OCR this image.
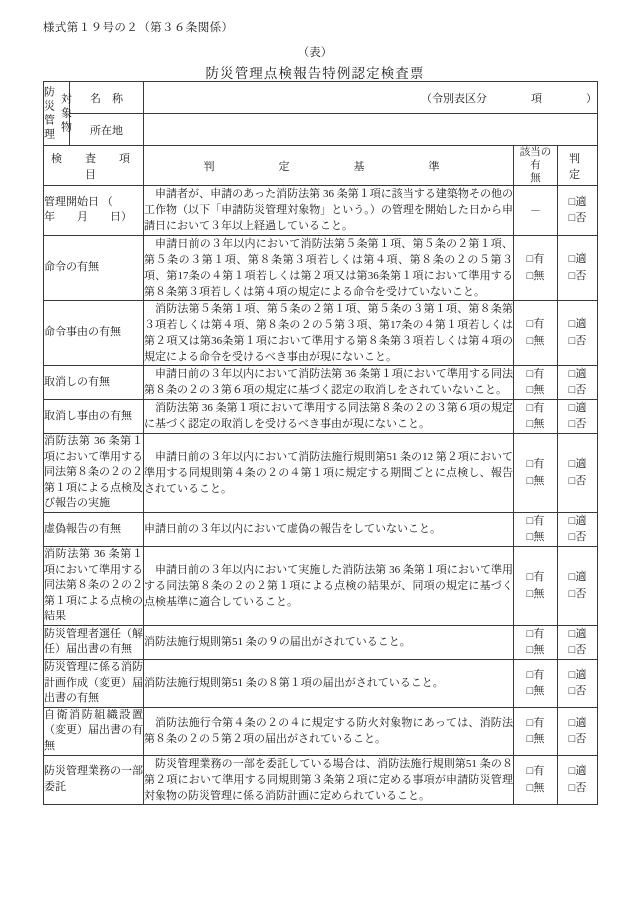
様式第１９号の２（第３６条関係）
（表）
防災管理点検報告特例認定検査票
防災管理 対象物	名　称	（令別表区分　　　　項　　　　）		
	所在地			
検　査　項　目		判　　定　　基　　準	該当の
有　無	判　定
管理開始日 （　　年　　月　　日）		申請者が、申請のあった消防法第 36 条第１項に該当する建築物その他の工作物（以下「申請防災管理対象物」という。）の管理を開始した日から申請日において３年以上経過していること。	－	□適
□否

命令の有無		申請日前の３年以内において消防法第５条第１項、第５条の２第１項、第５条の３第１項、第８条第３項若しくは第４項、第８条の２の５第３項、第17条の４第１項若しくは第２項又は第36条第１項において準用する第８条第３項若しくは第４項の規定による命令を受けていないこと。	□有
□無	□適
□否

命令事由の有無		消防法第５条第１項、第５条の２第１項、第５条の３第１項、第８条第３項若しくは第４項、第８条の２の５第３項、第17条の４第１項若しくは第２項又は第36条第１項において準用する第８条第３項若しくは第４項の規定による命令を受けるべき事由が現にないこと。	□有
□無	□適
□否

取消しの有無		申請日前の３年以内において消防法第 36 条第１項において準用する同法第８条の２の３第６項の規定に基づく認定の取消しをされていないこと。	□有
□無	□適
□否

取消し事由の有無		消防法第 36 条第１項において準用する同法第８条の２の３第６項の規定に基づく認定の取消しを受けるべき事由が現にないこと。	□有
□無	□適
□否

消防法第 36 条第１項において準用する同法第８条の２の２第１項による点検及び報告の実施		申請日前の３年以内において消防法施行規則第51 条の12 第２項において準用する同規則第４条の２の４第１項に規定する期間ごとに点検し、報告されていること。	□有
□無	□適
□否

虚偽報告の有無		申請日前の３年以内において虚偽の報告をしていないこと。	□有
□無	□適
□否

消防法第 36 条第１項において準用する同法第８条の２の２第１項による点検の結果		申請日前の３年以内において実施した消防法第 36 条第１項において準用する同法第８条の２の２第１項による点検の結果が、同項の規定に基づく点検基準に適合していること。	□有
□無	□適
□否

防災管理者選任（解任）届出書の有無		消防法施行規則第51 条の９の届出がされていること。	□有
□無	□適
□否

防災管理に係る消防計画作成（変更）届出書の有無		消防法施行規則第51 条の８第１項の届出がされていること。	□有
□無	□適
□否

自衛消防組織設置（変更）届出書の有無		消防法施行令第４条の２の４に規定する防火対象物にあっては、消防法第８条の２の５第２項の届出がされていること。	□有
□無	□適
□否

防災管理業務の一部委託		防災管理業務の一部を委託している場合は、消防法施行規則第51 条の８第２項において準用する同規則第３条第２項に定める事項が申請防災管理対象物の防災管理に係る消防計画に定められていること。	□有
□無	□適
□否
